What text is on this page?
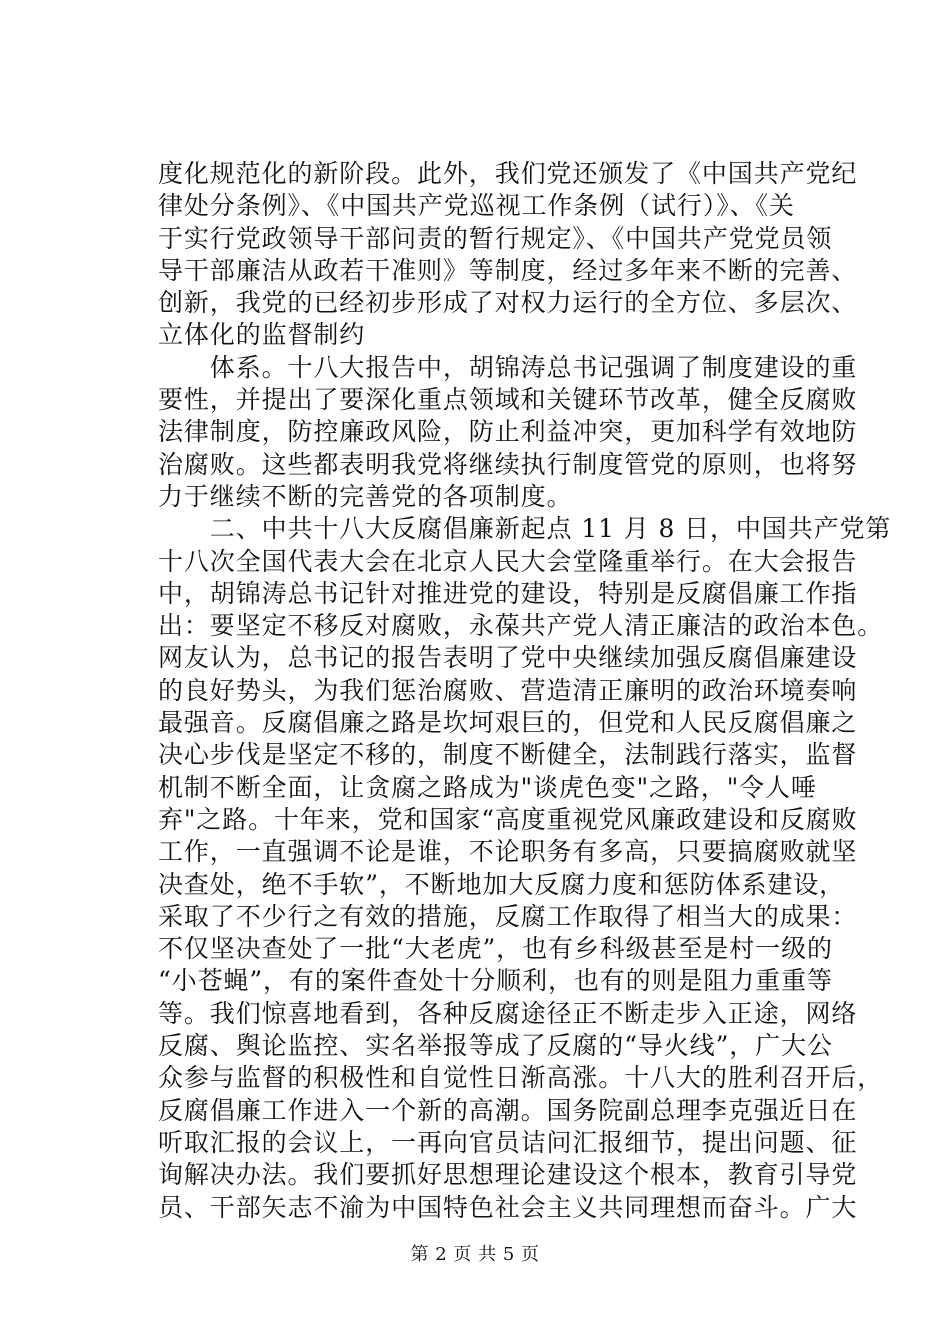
度化规范化的新阶段。此外，我们党还颁发了《中国共产党纪
律处分条例》、《中国共产党巡视工作条例（试行）》、《关
于实行党政领导干部问责的暂行规定》、《中国共产党党员领
导干部廉洁从政若干准则》等制度，经过多年来不断的完善、
创新，我党的已经初步形成了对权力运行的全方位、多层次、
立体化的监督制约
　　体系。十八大报告中，胡锦涛总书记强调了制度建设的重
要性，并提出了要深化重点领域和关键环节改革，健全反腐败
法律制度，防控廉政风险，防止利益冲突，更加科学有效地防
治腐败。这些都表明我党将继续执行制度管党的原则，也将努
力于继续不断的完善党的各项制度。
　　二、中共十八大反腐倡廉新起点 11 月 8 日，中国共产党第
十八次全国代表大会在北京人民大会堂隆重举行。在大会报告
中，胡锦涛总书记针对推进党的建设，特别是反腐倡廉工作指
出：要坚定不移反对腐败，永葆共产党人清正廉洁的政治本色。
网友认为，总书记的报告表明了党中央继续加强反腐倡廉建设
的良好势头，为我们惩治腐败、营造清正廉明的政治环境奏响
最强音。反腐倡廉之路是坎坷艰巨的，但党和人民反腐倡廉之
决心步伐是坚定不移的，制度不断健全，法制践行落实，监督
机制不断全面，让贪腐之路成为"谈虎色变"之路，"令人唾
弃"之路。十年来，党和国家“高度重视党风廉政建设和反腐败
工作，一直强调不论是谁，不论职务有多高，只要搞腐败就坚
决查处，绝不手软”，不断地加大反腐力度和惩防体系建设，
采取了不少行之有效的措施，反腐工作取得了相当大的成果：
不仅坚决查处了一批“大老虎”，也有乡科级甚至是村一级的
“小苍蝇”，有的案件查处十分顺利，也有的则是阻力重重等
等。我们惊喜地看到，各种反腐途径正不断走步入正途，网络
反腐、舆论监控、实名举报等成了反腐的“导火线”，广大公
众参与监督的积极性和自觉性日渐高涨。十八大的胜利召开后，
反腐倡廉工作进入一个新的高潮。国务院副总理李克强近日在
听取汇报的会议上，一再向官员诘问汇报细节，提出问题、征
询解决办法。我们要抓好思想理论建设这个根本，教育引导党
员、干部矢志不渝为中国特色社会主义共同理想而奋斗。广大
第 2 页 共 5 页
